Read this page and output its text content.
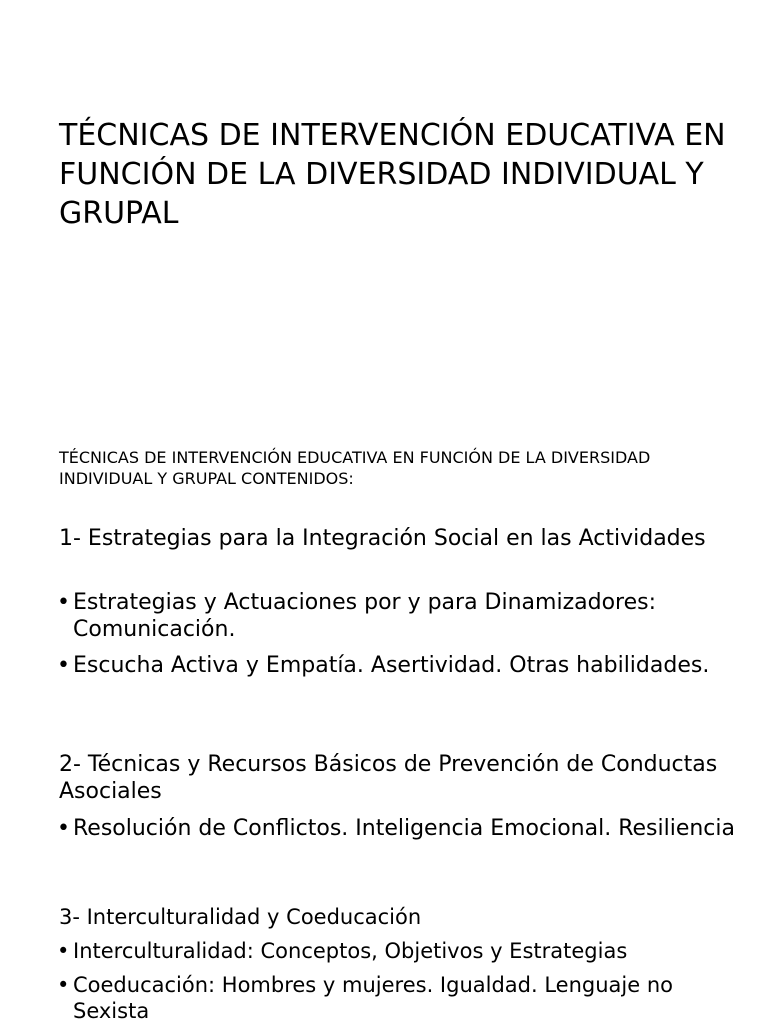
TÉCNICAS DE INTERVENCIÓN EDUCATIVA EN FUNCIÓN DE LA DIVERSIDAD INDIVIDUAL Y GRUPAL

TÉCNICAS DE INTERVENCIÓN EDUCATIVA EN FUNCIÓN DE LA DIVERSIDAD INDIVIDUAL Y GRUPAL CONTENIDOS:

1- Estrategias para la Integración Social en las Actividades
• Estrategias y Actuaciones por y para Dinamizadores: Comunicación.
• Escucha Activa y Empatía. Asertividad. Otras habilidades.
2- Técnicas y Recursos Básicos de Prevención de Conductas Asociales
• Resolución de Conflictos. Inteligencia Emocional. Resiliencia
3- Interculturalidad y Coeducación
• Interculturalidad: Conceptos, Objetivos y Estrategias
• Coeducación: Hombres y mujeres. Igualdad. Lenguaje no Sexista
